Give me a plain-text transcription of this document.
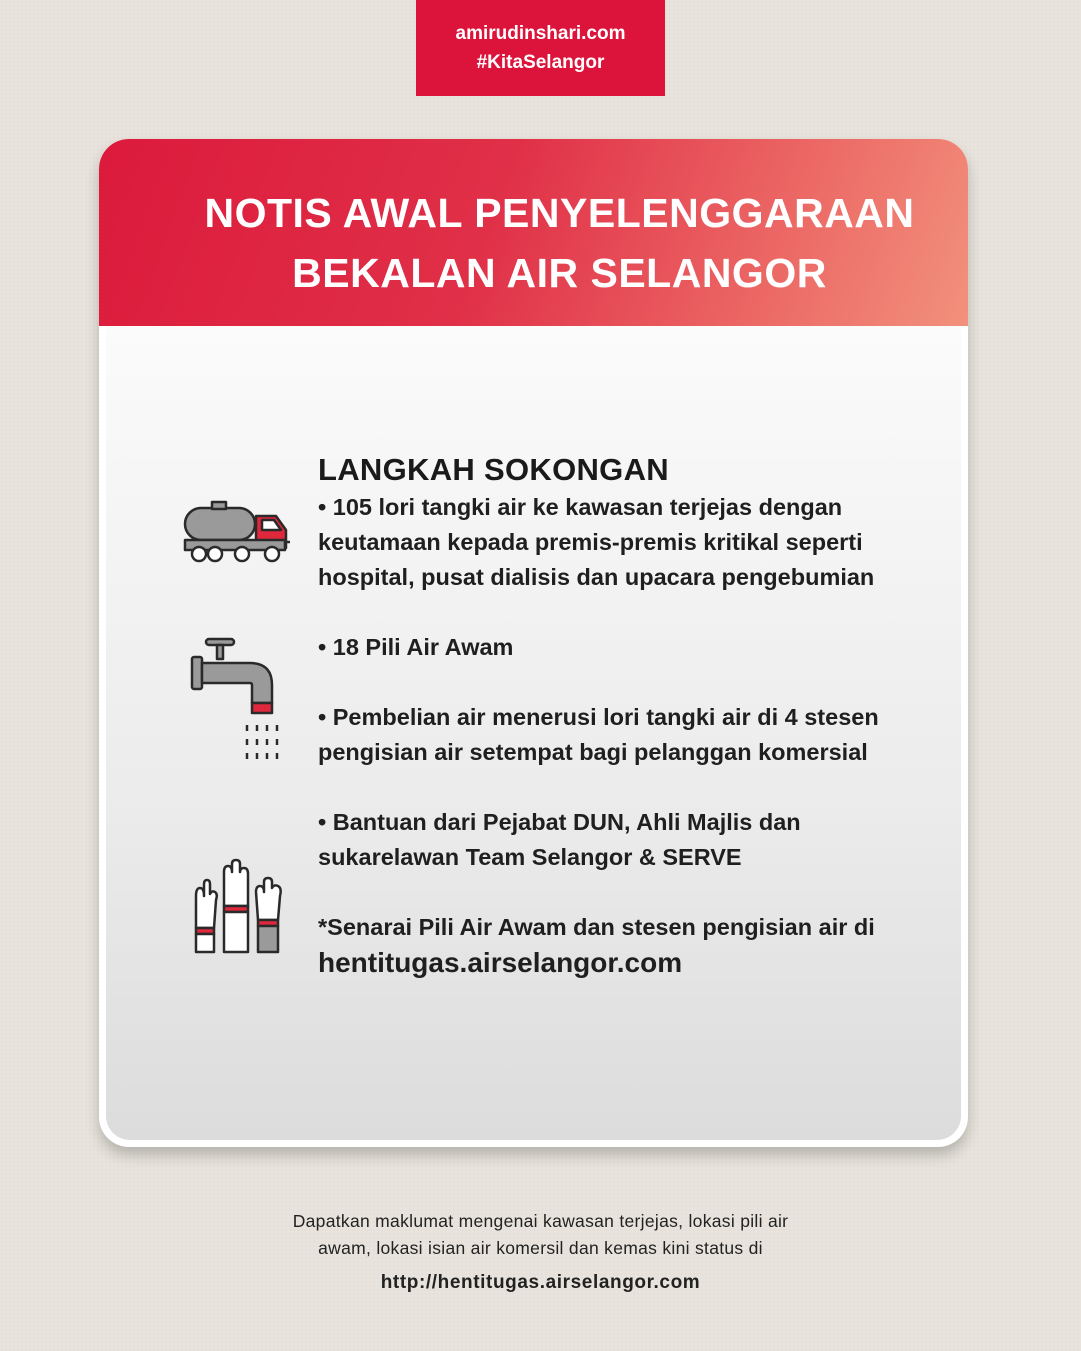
amirudinshari.com
#KitaSelangor
NOTIS AWAL PENYELENGGARAAN
BEKALAN AIR SELANGOR
LANGKAH SOKONGAN

• 105 lori tangki air ke kawasan terjejas dengan keutamaan kepada premis-premis kritikal seperti hospital, pusat dialisis dan upacara pengebumian

• 18 Pili Air Awam

• Pembelian air menerusi lori tangki air di 4 stesen pengisian air setempat bagi pelanggan komersial

• Bantuan dari Pejabat DUN, Ahli Majlis dan sukarelawan Team Selangor & SERVE

*Senarai Pili Air Awam dan stesen pengisian air di hentitugas.airselangor.com

Dapatkan maklumat mengenai kawasan terjejas, lokasi pili air
awam, lokasi isian air komersil dan kemas kini status di
http://hentitugas.airselangor.com
